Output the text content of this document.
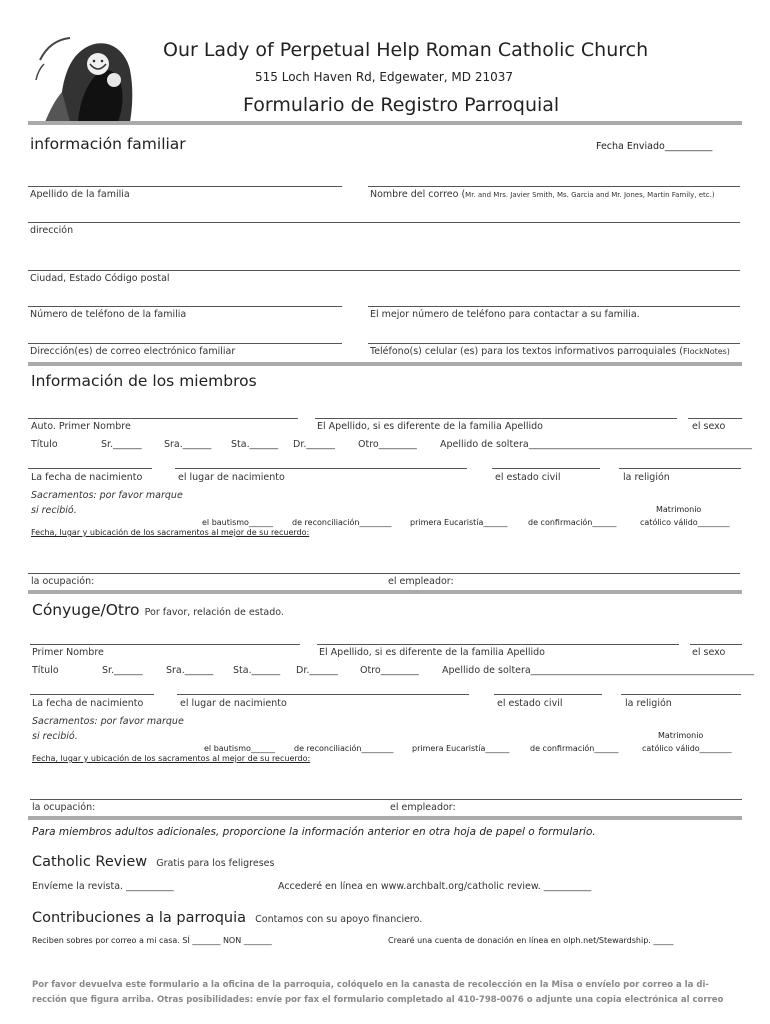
Our Lady of Perpetual Help Roman Catholic Church
515 Loch Haven Rd, Edgewater, MD 21037
Formulario de Registro Parroquial
información familiar	Fecha Enviado__________
Apellido de la familia	Nombre del correo (Mr. and Mrs. Javier Smith, Ms. Garcia and Mr. Jones, Martin Family, etc.)
dirección
Ciudad, Estado Código postal
Número de teléfono de la familia	El mejor número de teléfono para contactar a su familia.
Dirección(es) de correo electrónico familiar	Teléfono(s) celular (es) para los textos informativos parroquiales (FlockNotes)
Información de los miembros
Auto. Primer Nombre	El Apellido, si es diferente de la familia Apellido	el sexo
Título	Sr.______ Sra.______ Sta.______ Dr.______ Otro________ Apellido de soltera_______________________________________________
La fecha de nacimiento	el lugar de nacimiento	el estado civil	la religión
Sacramentos: por favor marque
si recibió.	Matrimonio
el bautismo______ de reconciliación________ primera Eucaristía______	de confirmación______	católico válido________
Fecha, lugar y ubicación de los sacramentos al mejor de su recuerdo:
la ocupación:	el empleador:
Cónyuge/Otro Por favor, relación de estado.
Primer Nombre	El Apellido, si es diferente de la familia Apellido	el sexo
Título	Sr.______ Sra.______ Sta.______ Dr.______ Otro________ Apellido de soltera_______________________________________________
La fecha de nacimiento	el lugar de nacimiento	el estado civil	la religión
Sacramentos: por favor marque
si recibió.	Matrimonio
el bautismo______ de reconciliación________ primera Eucaristía______	de confirmación______	católico válido________
Fecha, lugar y ubicación de los sacramentos al mejor de su recuerdo:
la ocupación:	el empleador:
Para miembros adultos adicionales, proporcione la información anterior en otra hoja de papel o formulario.
Catholic Review Gratis para los feligreses
Envíeme la revista. __________	Accederé en línea en www.archbalt.org/catholic review. __________
Contribuciones a la parroquia Contamos con su apoyo financiero.
Reciben sobres por correo a mi casa. SÍ _______ NON _______	Crearé una cuenta de donación en línea en olph.net/Stewardship. _____
Por favor devuelva este formulario a la oficina de la parroquia, colóquelo en la canasta de recolección en la Misa o envíelo por correo a la di-
rección que figura arriba. Otras posibilidades: envíe por fax el formulario completado al 410-798-0076 o adjunte una copia electrónica al correo
